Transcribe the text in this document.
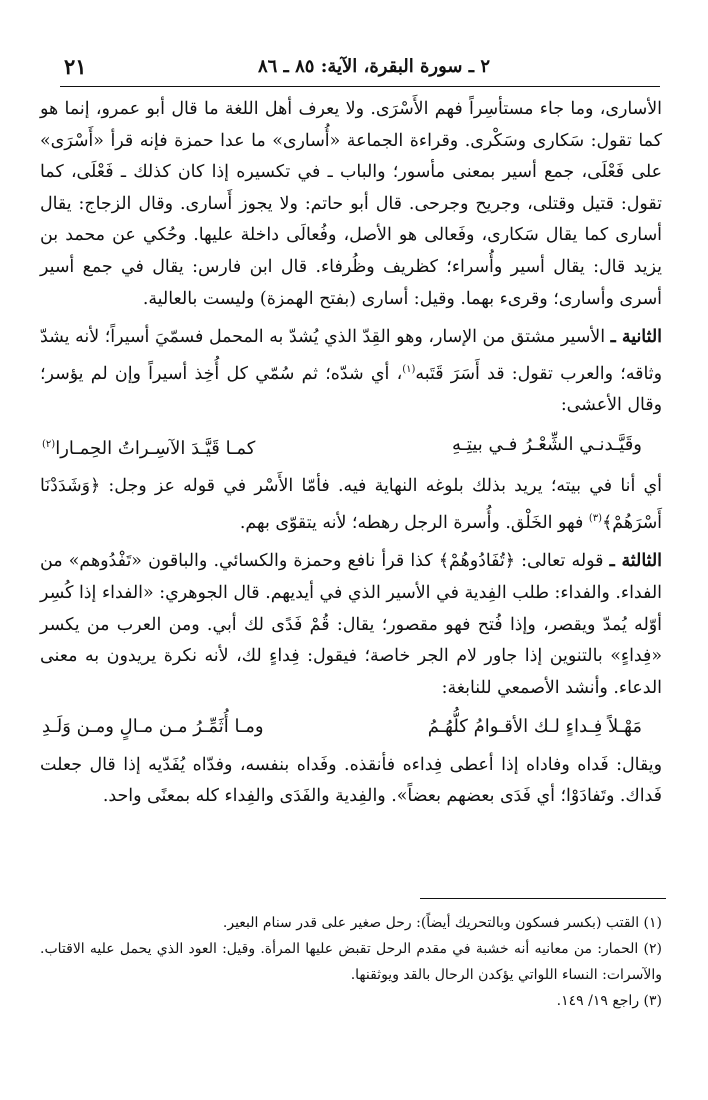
٢ ـ سورة البقرة، الآية: ٨٥ ـ ٨٦
٢١

الأسارى، وما جاء مستأسِراً فهم الأَسْرَى. ولا يعرف أهل اللغة ما قال أبو عمرو، إنما هو كما تقول: سَكارى وسَكْرى. وقراءة الجماعة «أُسارى» ما عدا حمزة فإنه قرأ «أَسْرَى» على فَعْلَى، جمع أسير بمعنى مأسور؛ والباب ـ في تكسيره إذا كان كذلك ـ فَعْلَى، كما تقول: قتيل وقتلى، وجريح وجرحى. قال أبو حاتم: ولا يجوز أَسارى. وقال الزجاج: يقال أسارى كما يقال سَكارى، وفَعالى هو الأصل، وفُعالَى داخلة عليها. وحُكي عن محمد بن يزيد قال: يقال أسير وأُسراء؛ كظريف وظُرفاء. قال ابن فارس: يقال في جمع أسير أسرى وأسارى؛ وقرىء بهما. وقيل: أسارى (بفتح الهمزة) وليست بالعالية.

الثانية ـ الأسير مشتق من الإسار، وهو القِدّ الذي يُشدّ به المحمل فسمّيَ أسيراً؛ لأنه يشدّ وثاقه؛ والعرب تقول: قد أَسَرَ قَتَبه$^{(١)}$، أي شدّه؛ ثم سُمّي كل أُخِذ أسيراً وإن لم يؤسر؛ وقال الأعشى:

وقَيَّـدنـي الشِّعْـرُ فـي بيتِـهِ
كمـا قَيَّـدَ الآسِـراتُ الحِمـارا$^{(٢)}$

أي أنا في بيته؛ يريد بذلك بلوغه النهاية فيه. فأمّا الأَسْر في قوله عز وجل: ﴿وَشَدَدْنَا أَسْرَهُمْ﴾$^{(٣)}$ فهو الخَلْق. وأُسرة الرجل رهطه؛ لأنه يتقوّى بهم.

الثالثة ـ قوله تعالى: ﴿تُفَادُوهُمْ﴾ كذا قرأ نافع وحمزة والكسائي. والباقون «تَفْدُوهم» من الفداء. والفداء: طلب الفِدية في الأسير الذي في أيديهم. قال الجوهري: «الفداء إذا كُسِر أوّله يُمدّ ويقصر، وإذا فُتح فهو مقصور؛ يقال: قُمْ فَدًى لك أبي. ومن العرب من يكسر «فِداءٍ» بالتنوين إذا جاور لام الجر خاصة؛ فيقول: فِداءٍ لك، لأنه نكرة يريدون به معنى الدعاء. وأنشد الأصمعي للنابغة:

مَهْـلاً فِـداءٍ لـك الأقـوامُ كلُّهُـمُ
ومـا أُثَمِّـرُ مـن مـالٍ ومـن وَلَـدِ

ويقال: فَداه وفاداه إذا أعطى فِداءه فأنقذه. وفَداه بنفسه، وفدّاه يُفَدّيه إذا قال جعلت فَداك. وتَفادَوْا؛ أي فَدَى بعضهم بعضاً». والفِدية والفَدَى والفِداء كله بمعنًى واحد.

(١) القتب (بكسر فسكون وبالتحريك أيضاً): رحل صغير على قدر سنام البعير.

(٢) الحمار: من معانيه أنه خشبة في مقدم الرحل تقبض عليها المرأة. وقيل: العود الذي يحمل عليه الاقتاب. والآسرات: النساء اللواتي يؤكدن الرحال بالقد ويوثقنها.

(٣) راجع ١٩/ ١٤٩.
